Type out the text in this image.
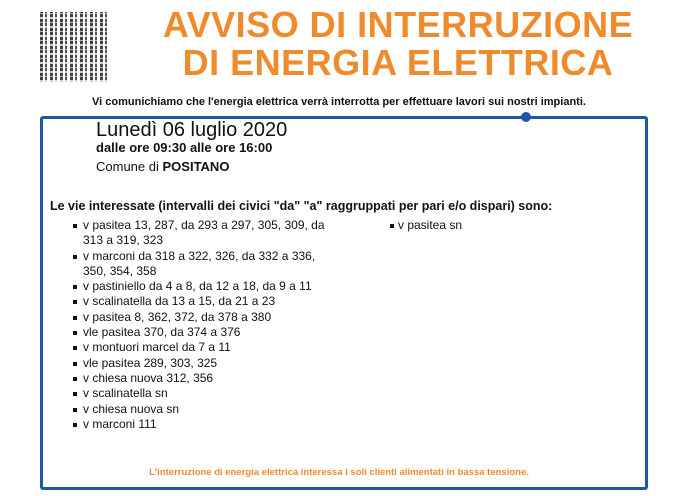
AVVISO DI INTERRUZIONE
DI ENERGIA ELETTRICA
Vi comunichiamo che l'energia elettrica verrà interrotta per effettuare lavori sui nostri impianti.
Lunedì 06 luglio 2020
dalle ore 09:30 alle ore 16:00
Comune di POSITANO
Le vie interessate (intervalli dei civici "da" "a" raggruppati per pari e/o dispari) sono:
v pasitea 13, 287, da 293 a 297, 305, 309, da 313 a 319, 323
v marconi da 318 a 322, 326, da 332 a 336, 350, 354, 358
v pastiniello da 4 a 8, da 12 a 18, da 9 a 11
v scalinatella da 13 a 15, da 21 a 23
v pasitea 8, 362, 372, da 378 a 380
vle pasitea 370, da 374 a 376
v montuori marcel da 7 a 11
vle pasitea 289, 303, 325
v chiesa nuova 312, 356
v scalinatella sn
v chiesa nuova sn
v marconi 111
v pasitea sn
L'interruzione di energia elettrica interessa i soli clienti alimentati in bassa tensione.
